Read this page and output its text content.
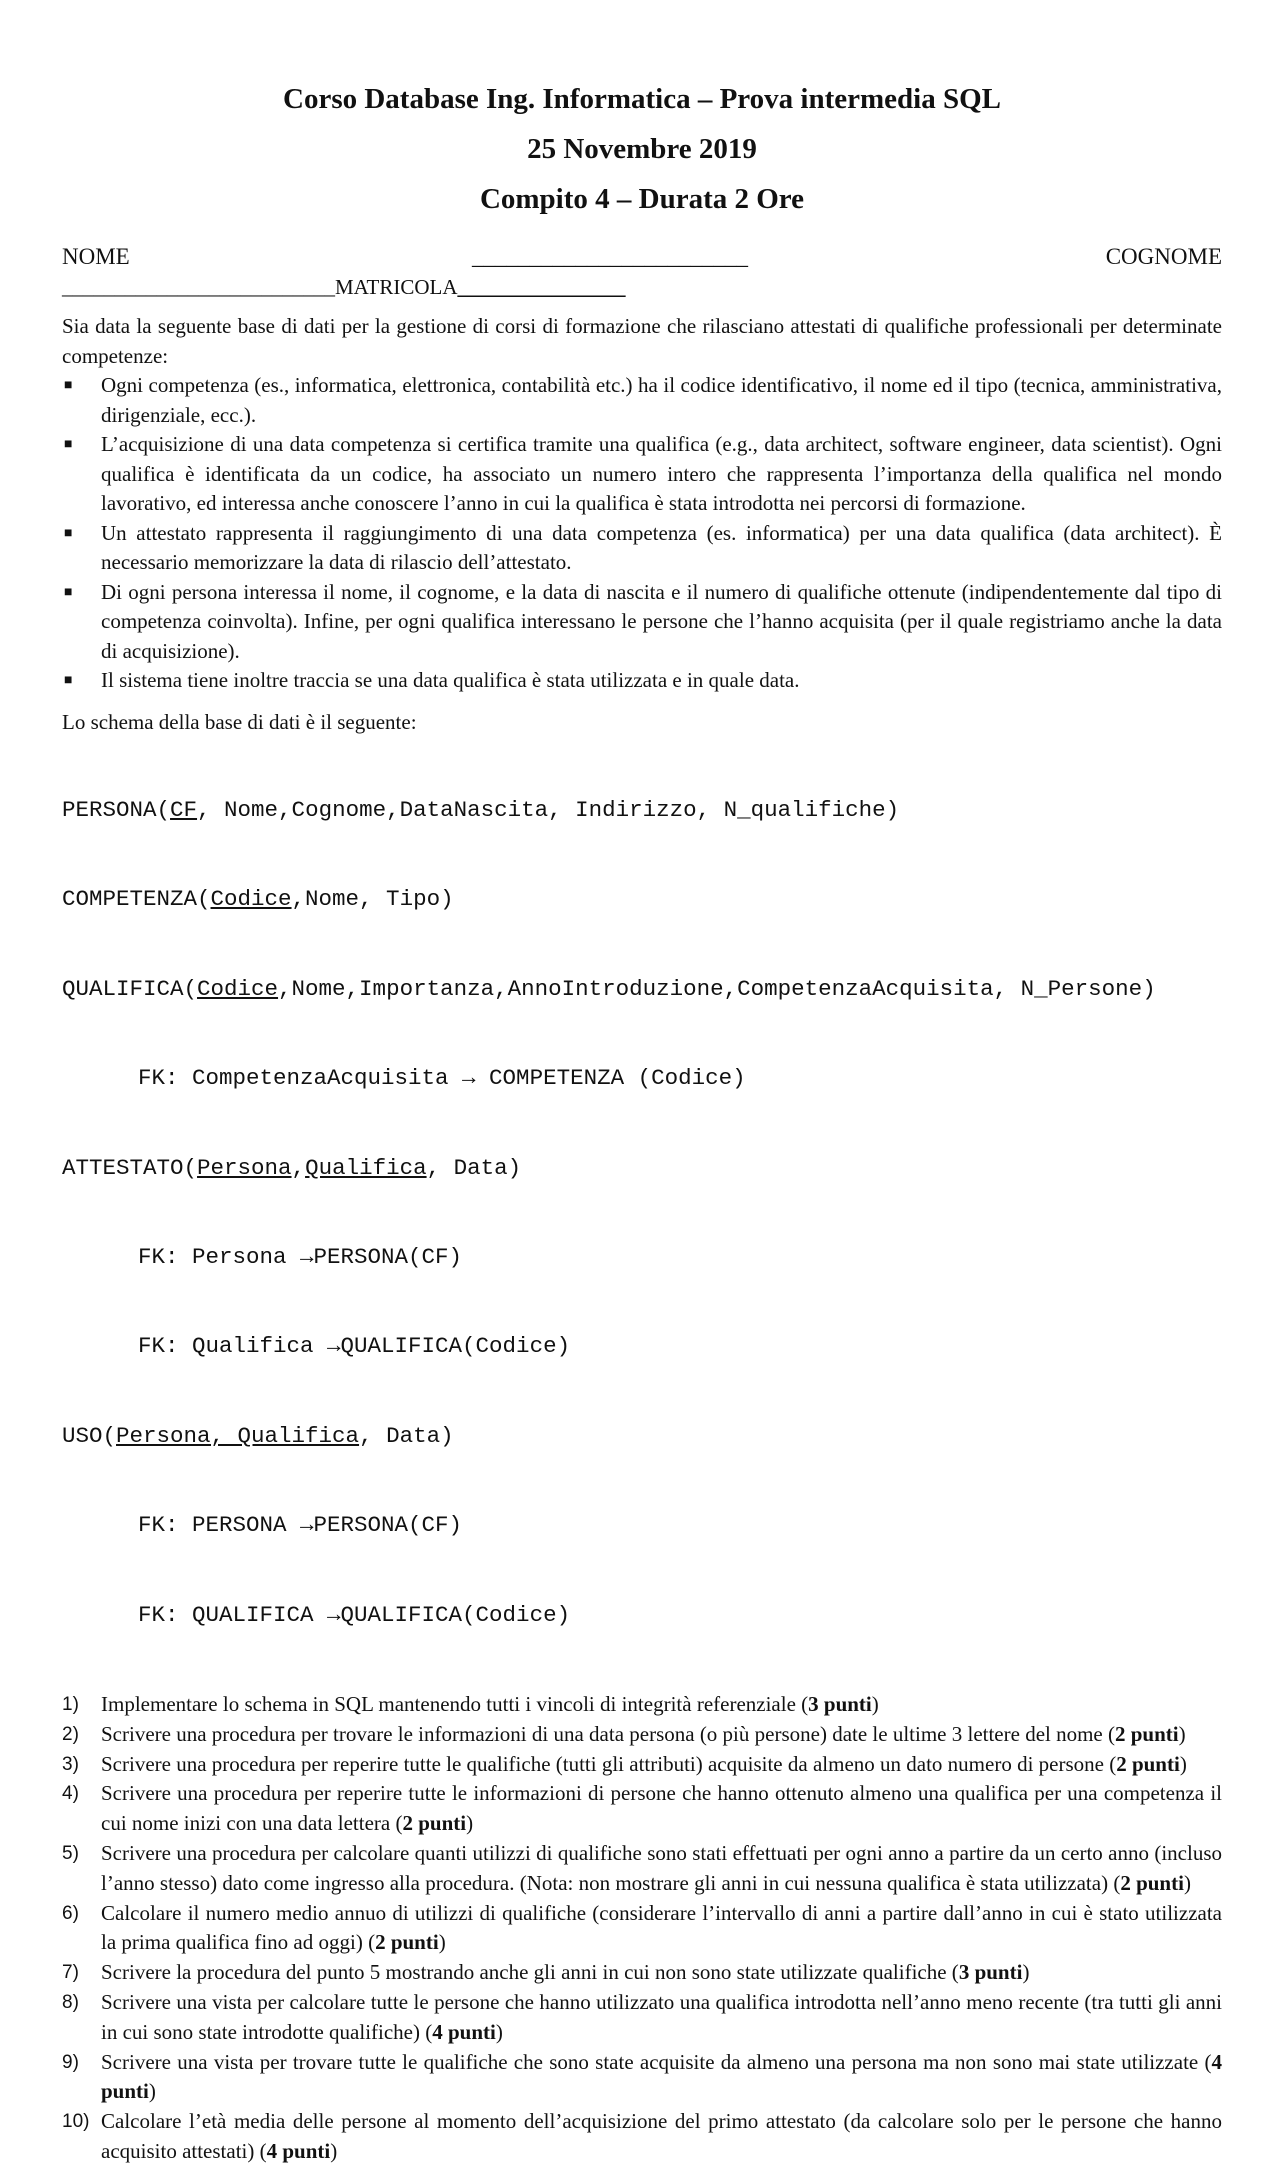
Corso Database Ing. Informatica – Prova intermedia SQL
25 Novembre 2019
Compito 4 – Durata 2 Ore
NOME	________________________	COGNOME
__________________________MATRICOLA________________
Sia data la seguente base di dati per la gestione di corsi di formazione che rilasciano attestati di qualifiche professionali per determinate competenze:
■ Ogni competenza (es., informatica, elettronica, contabilità etc.) ha il codice identificativo, il nome ed il tipo (tecnica, amministrativa, dirigenziale, ecc.).
■ L’acquisizione di una data competenza si certifica tramite una qualifica (e.g., data architect, software engineer, data scientist). Ogni qualifica è identificata da un codice, ha associato un numero intero che rappresenta l’importanza della qualifica nel mondo lavorativo, ed interessa anche conoscere l’anno in cui la qualifica è stata introdotta nei percorsi di formazione.
■ Un attestato rappresenta il raggiungimento di una data competenza (es. informatica) per una data qualifica (data architect). È necessario memorizzare la data di rilascio dell’attestato.
■ Di ogni persona interessa il nome, il cognome, e la data di nascita e il numero di qualifiche ottenute (indipendentemente dal tipo di competenza coinvolta). Infine, per ogni qualifica interessano le persone che l’hanno acquisita (per il quale registriamo anche la data di acquisizione).
■ Il sistema tiene inoltre traccia se una data qualifica è stata utilizzata e in quale data.
Lo schema della base di dati è il seguente:

PERSONA(CF, Nome,Cognome,DataNascita, Indirizzo, N_qualifiche)

COMPETENZA(Codice,Nome, Tipo)

QUALIFICA(Codice,Nome,Importanza,AnnoIntroduzione,CompetenzaAcquisita, N_Persone)

FK: CompetenzaAcquisita → COMPETENZA (Codice)

ATTESTATO(Persona,Qualifica, Data)

FK: Persona →PERSONA(CF)

FK: Qualifica →QUALIFICA(Codice)

USO(Persona, Qualifica, Data)

FK: PERSONA →PERSONA(CF)

FK: QUALIFICA →QUALIFICA(Codice)

1) Implementare lo schema in SQL mantenendo tutti i vincoli di integrità referenziale (3 punti)
2) Scrivere una procedura per trovare le informazioni di una data persona (o più persone) date le ultime 3 lettere del nome (2 punti)
3) Scrivere una procedura per reperire tutte le qualifiche (tutti gli attributi) acquisite da almeno un dato numero di persone (2 punti)
4) Scrivere una procedura per reperire tutte le informazioni di persone che hanno ottenuto almeno una qualifica per una competenza il cui nome inizi con una data lettera (2 punti)
5) Scrivere una procedura per calcolare quanti utilizzi di qualifiche sono stati effettuati per ogni anno a partire da un certo anno (incluso l’anno stesso) dato come ingresso alla procedura. (Nota: non mostrare gli anni in cui nessuna qualifica è stata utilizzata) (2 punti)
6) Calcolare il numero medio annuo di utilizzi di qualifiche (considerare l’intervallo di anni a partire dall’anno in cui è stato utilizzata la prima qualifica fino ad oggi) (2 punti)
7) Scrivere la procedura del punto 5 mostrando anche gli anni in cui non sono state utilizzate qualifiche (3 punti)
8) Scrivere una vista per calcolare tutte le persone che hanno utilizzato una qualifica introdotta nell’anno meno recente (tra tutti gli anni in cui sono state introdotte qualifiche) (4 punti)
9) Scrivere una vista per trovare tutte le qualifiche che sono state acquisite da almeno una persona ma non sono mai state utilizzate (4 punti)
10) Calcolare l’età media delle persone al momento dell’acquisizione del primo attestato (da calcolare solo per le persone che hanno acquisito attestati) (4 punti)
